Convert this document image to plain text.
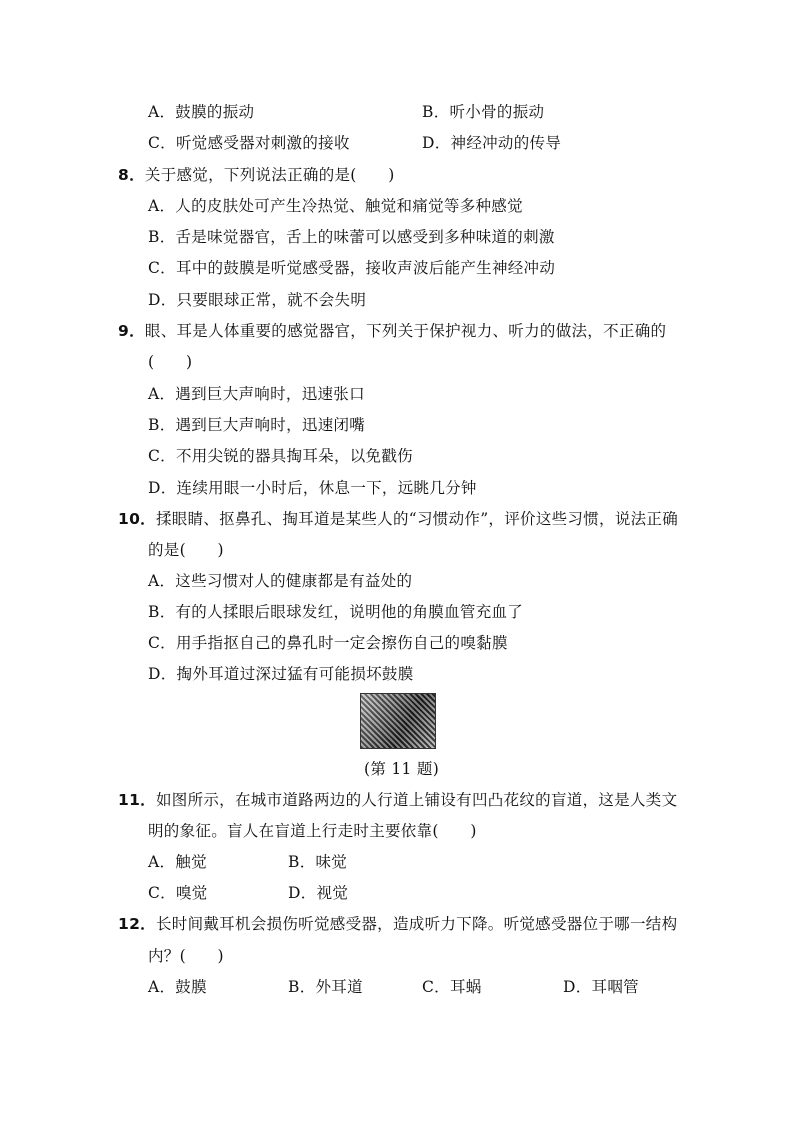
A．鼓膜的振动	B．听小骨的振动
C．听觉感受器对刺激的接收	D．神经冲动的传导
8．关于感觉，下列说法正确的是(　　)
A．人的皮肤处可产生冷热觉、触觉和痛觉等多种感觉
B．舌是味觉器官，舌上的味蕾可以感受到多种味道的刺激
C．耳中的鼓膜是听觉感受器，接收声波后能产生神经冲动
D．只要眼球正常，就不会失明
9．眼、耳是人体重要的感觉器官，下列关于保护视力、听力的做法，不正确的
(　　)
A．遇到巨大声响时，迅速张口
B．遇到巨大声响时，迅速闭嘴
C．不用尖锐的器具掏耳朵，以免戳伤
D．连续用眼一小时后，休息一下，远眺几分钟
10．揉眼睛、抠鼻孔、掏耳道是某些人的“习惯动作”，评价这些习惯，说法正确
的是(　　)
A．这些习惯对人的健康都是有益处的
B．有的人揉眼后眼球发红，说明他的角膜血管充血了
C．用手指抠自己的鼻孔时一定会擦伤自己的嗅黏膜
D．掏外耳道过深过猛有可能损坏鼓膜
(第 11 题)
11．如图所示，在城市道路两边的人行道上铺设有凹凸花纹的盲道，这是人类文
明的象征。盲人在盲道上行走时主要依靠(　　)
A．触觉	B．味觉
C．嗅觉	D．视觉
12．长时间戴耳机会损伤听觉感受器，造成听力下降。听觉感受器位于哪一结构
内？(　　)
A．鼓膜	B．外耳道	C．耳蜗	D．耳咽管
